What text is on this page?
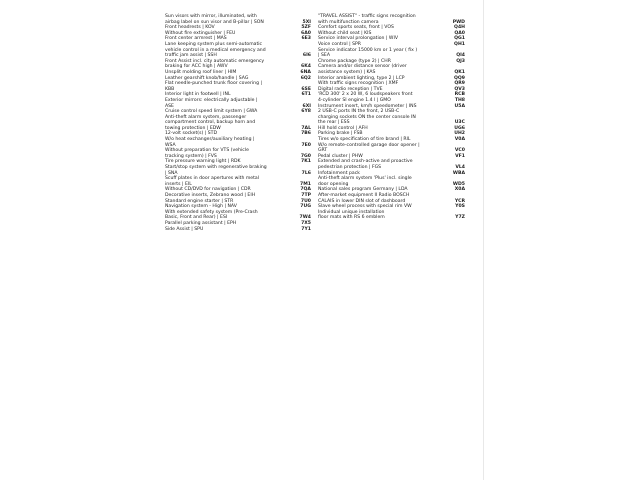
Sun visors with mirror, illuminated, with
airbag label on sun visor and B-pillar | SON	5XI
Front headrests | KOV	5ZF
Without fire extinguisher | FEU	6A0
Front center armrest | MAS	6E3
Lane keeping system plus semi-automatic
vehicle control in a medical emergency and
traffic jam assist | SSH	6I6
Front Assist incl. city automatic emergency
braking for ACC high | AWV	6K4
Unsplit molding roof liner | HIM	6NA
Leather gearshift knob/handle | SAG	6Q2
Flat needle-punched trunk floor covering |
KBB	6SE
Interior light in footwell | INL	6T1
Exterior mirrors: electrically adjustable |
ASE	6XI
Cruise control speed limit system | GWA	6Y8
Anti-theft alarm system, passenger
compartment control, backup horn and
towing protection | EDW	7AL
12-volt socket(s) | STD	7B6
W/o heat exchanger/auxiliary heating |
WSA	7E0
Without preparation for VTS (vehicle
tracking system) | FVS	7G0
Tire pressure warning light | RDK	7K1
Start/stop system with regenerative braking
| SNA	7L6
Scuff plates in door apertures with metal
inserts | EIL	7M1
Without CD/DVD for navigation | CDR	7QA
Decorative inserts, Zebrano wood | EIH	7TP
Standard engine starter | STR	7U0
Navigation system - High | NAV	7UG
With extended safety system (Pre-Crash
Basic, Front and Rear) | ESI	7W4
Parallel parking assistant | EPH	7X5
Side Assist | SPU	7Y1
"TRAVEL ASSIST" - traffic signs recognition
with multifunction camera	PWD
Comfort sports seats, front | VOS	Q4H
Without child seat | KIS	QA0
Service interval prolongation | WIV	QG1
Voice control | SPR	QH1
Service indicator 15000 km or 1 year ( fix )
| SEA	QI4
Chrome package (type 2) | CHR	QJ3
Camera and/or distance sensor (driver
assistance system) | KAS	QK1
Interior ambient lighting, type 2 | LCP	QQ9
With traffic signs recognition | XMF	QR9
Digital radio reception | TVE	QV3
'RCD 300' 2 x 20 W, 6 loudspeakers front	RCB
4-cylinder SI engine 1.4 l | GMO	TH8
Instrument insert, km/h speedometer | INS	U5A
2 USB-C ports IN the front, 2 USB-C
charging sockets ON the center console IN
the rear | ESS	U3C
Hill hold control | AFH	UG6
Parking brake | FSB	UH2
Tires w/o specification of tire brand | RIL	V0A
W/o remote-controlled garage door opener |
GRT	VC0
Pedal cluster | PHW	VF1
Extended and crash-active and proactive
pedestrian protection | FGS	VL4
Infotainment pack	WBA
Anti-theft alarm system 'Plus' incl. single
door opening	WD5
National sales program Germany | LDA	X0A
After-market equipment II Radio BOSCH
CALAIS in lower DIN slot of dashboard	YCR
Slave wheel process with special rim VW	Y0S
Individual unique installation
floor mats with RS 6 emblem	Y7Z
